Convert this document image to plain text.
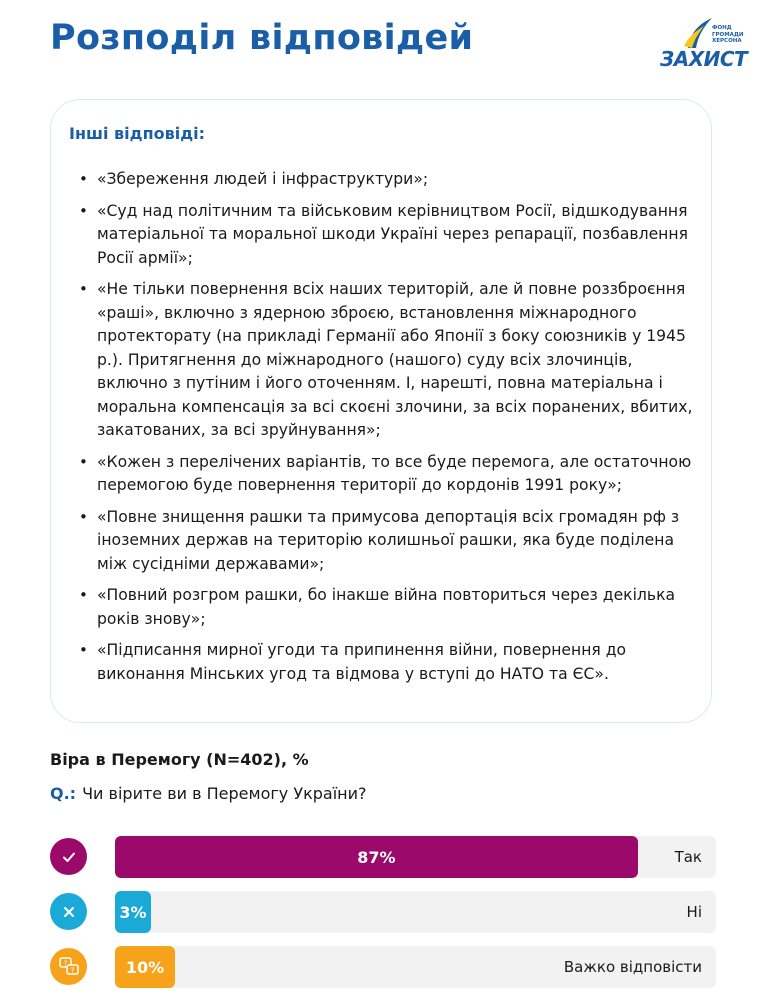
Розподіл відповідей	ФОНД
ГРОМАДИ
ХЕРСОНА
ЗАХИСТ
Інші відповіді:
• «Збереження людей і інфраструктури»;
• «Суд над політичним та військовим керівництвом Росії, відшкодування матеріальної та моральної шкоди Україні через репарації, позбавлення Росії армії»;
• «Не тільки повернення всіх наших територій, але й повне роззброєння «раші», включно з ядерною зброєю, встановлення міжнародного протекторату (на прикладі Германії або Японії з боку союзників у 1945 р.). Притягнення до міжнародного (нашого) суду всіх злочинців, включно з путіним і його оточенням. І, нарешті, повна матеріальна і моральна компенсація за всі скоєні злочини, за всіх поранених, вбитих, закатованих, за всі зруйнування»;
• «Кожен з перелічених варіантів, то все буде перемога, але остаточною перемогою буде повернення території до кордонів 1991 року»;
• «Повне знищення рашки та примусова депортація всіх громадян рф з іноземних держав на територію колишньої рашки, яка буде поділена між сусідніми державами»;
• «Повний розгром рашки, бо інакше війна повториться через декілька років знову»;
• «Підписання мирної угоди та припинення війни, повернення до виконання Мінських угод та відмова у вступі до НАТО та ЄС».
Віра в Перемогу (N=402), %
Q.: Чи вірите ви в Перемогу України?
87%	Так
3%	Ні
?
?	10%	Важко відповісти
